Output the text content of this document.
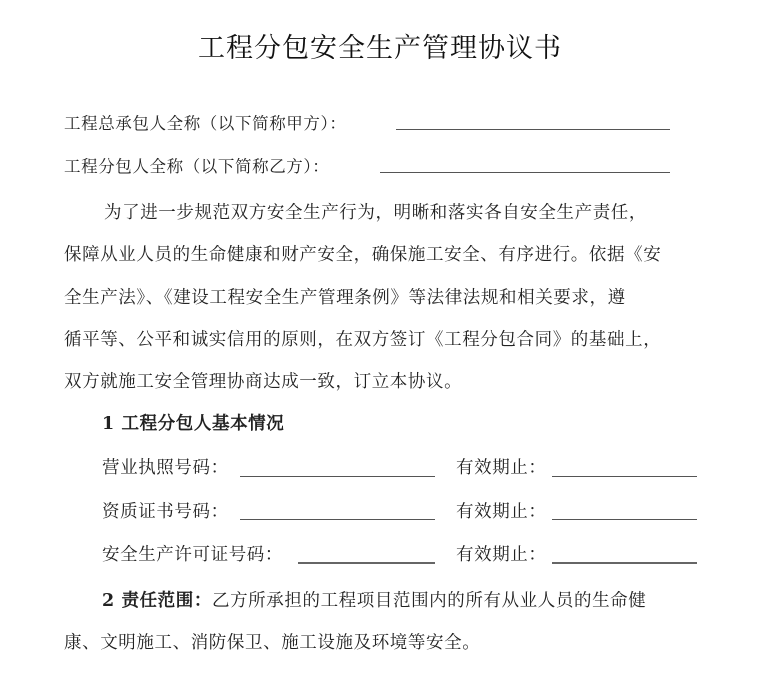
工程分包安全生产管理协议书
工程总承包人全称（以下简称甲方）：
工程分包人全称（以下简称乙方）：
为了进一步规范双方安全生产行为，明晰和落实各自安全生产责任，
保障从业人员的生命健康和财产安全，确保施工安全、有序进行。依据《安
全生产法》、《建设工程安全生产管理条例》等法律法规和相关要求，遵
循平等、公平和诚实信用的原则，在双方签订《工程分包合同》的基础上，
双方就施工安全管理协商达成一致，订立本协议。
1 工程分包人基本情况
营业执照号码：	有效期止：
资质证书号码：	有效期止：
安全生产许可证号码：	有效期止：
2 责任范围：乙方所承担的工程项目范围内的所有从业人员的生命健
康、文明施工、消防保卫、施工设施及环境等安全。
